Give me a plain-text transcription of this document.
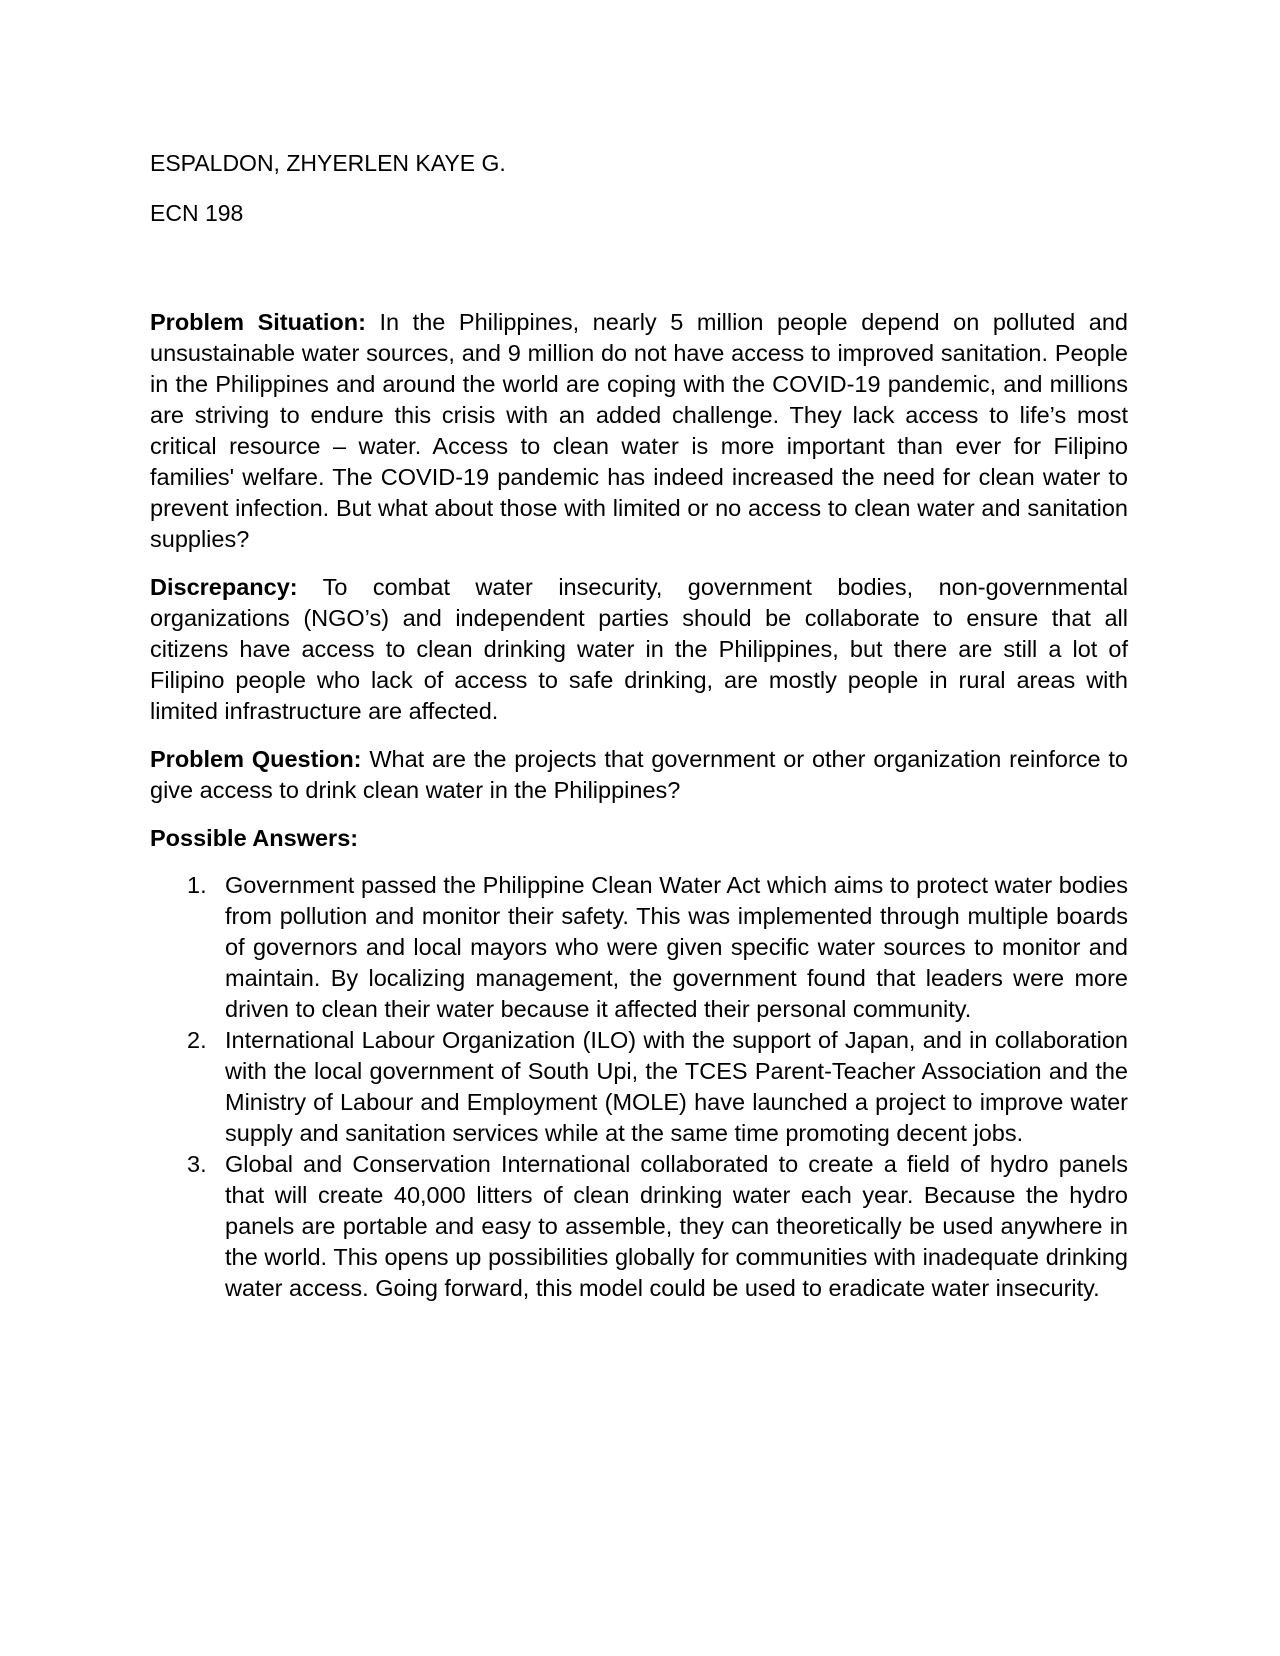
ESPALDON, ZHYERLEN KAYE G.

ECN 198

Problem Situation: In the Philippines, nearly 5 million people depend on polluted and unsustainable water sources, and 9 million do not have access to improved sanitation. People in the Philippines and around the world are coping with the COVID-19 pandemic, and millions are striving to endure this crisis with an added challenge. They lack access to life’s most critical resource – water. Access to clean water is more important than ever for Filipino families' welfare. The COVID-19 pandemic has indeed increased the need for clean water to prevent infection. But what about those with limited or no access to clean water and sanitation supplies?

Discrepancy: To combat water insecurity, government bodies, non-governmental organizations (NGO’s) and independent parties should be collaborate to ensure that all citizens have access to clean drinking water in the Philippines, but there are still a lot of Filipino people who lack of access to safe drinking, are mostly people in rural areas with limited infrastructure are affected.

Problem Question: What are the projects that government or other organization reinforce to give access to drink clean water in the Philippines?

Possible Answers:

1. Government passed the Philippine Clean Water Act which aims to protect water bodies from pollution and monitor their safety. This was implemented through multiple boards of governors and local mayors who were given specific water sources to monitor and maintain. By localizing management, the government found that leaders were more driven to clean their water because it affected their personal community.
2. International Labour Organization (ILO) with the support of Japan, and in collaboration with the local government of South Upi, the TCES Parent-Teacher Association and the Ministry of Labour and Employment (MOLE) have launched a project to improve water supply and sanitation services while at the same time promoting decent jobs.
3. Global and Conservation International collaborated to create a field of hydro panels that will create 40,000 litters of clean drinking water each year. Because the hydro panels are portable and easy to assemble, they can theoretically be used anywhere in the world. This opens up possibilities globally for communities with inadequate drinking water access. Going forward, this model could be used to eradicate water insecurity.
